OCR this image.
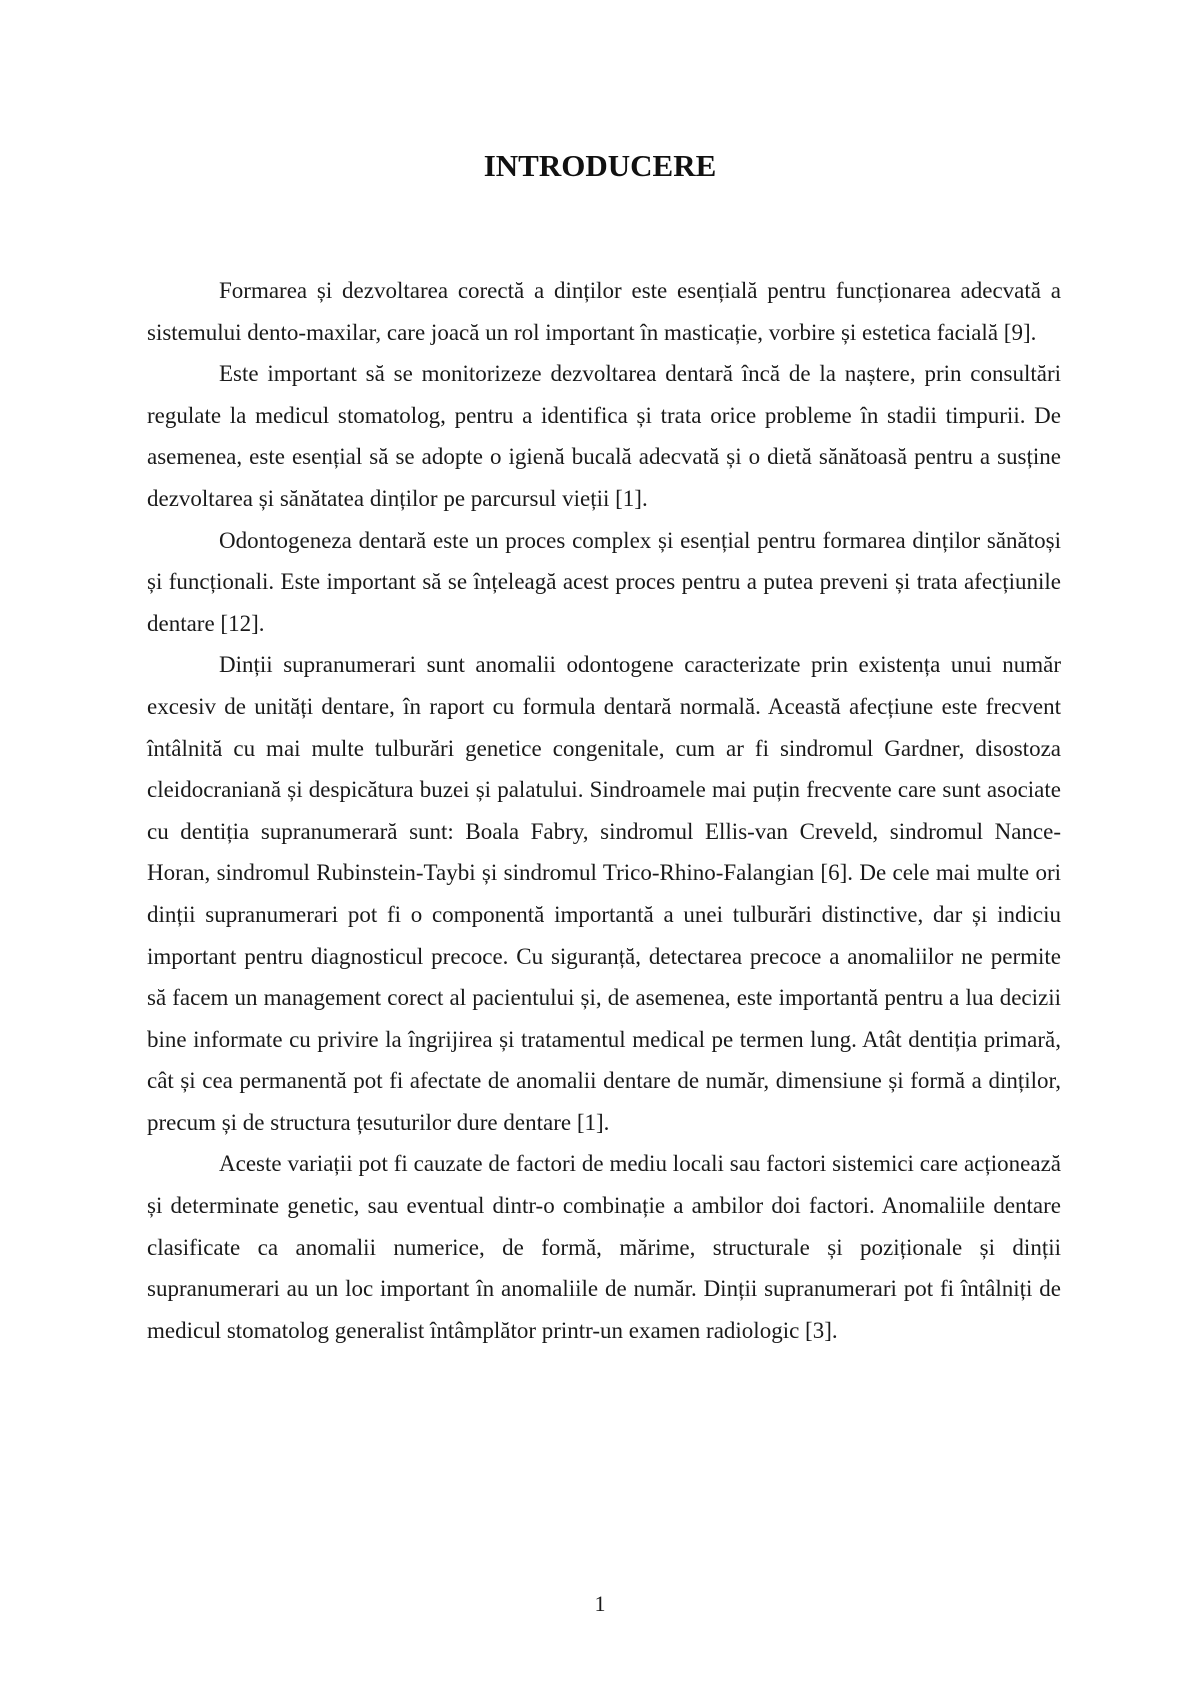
INTRODUCERE

Formarea și dezvoltarea corectă a dinților este esențială pentru funcționarea adecvată a sistemului dento-maxilar, care joacă un rol important în masticație, vorbire și estetica facială [9].

Este important să se monitorizeze dezvoltarea dentară încă de la naștere, prin consultări regulate la medicul stomatolog, pentru a identifica și trata orice probleme în stadii timpurii. De asemenea, este esențial să se adopte o igienă bucală adecvată și o dietă sănătoasă pentru a susține dezvoltarea și sănătatea dinților pe parcursul vieții [1].

Odontogeneza dentară este un proces complex și esențial pentru formarea dinților sănătoși și funcționali. Este important să se înțeleagă acest proces pentru a putea preveni și trata afecțiunile dentare [12].

Dinții supranumerari sunt anomalii odontogene caracterizate prin existența unui număr excesiv de unități dentare, în raport cu formula dentară normală. Această afecțiune este frecvent întâlnită cu mai multe tulburări genetice congenitale, cum ar fi sindromul Gardner, disostoza cleidocraniană și despicătura buzei și palatului. Sindroamele mai puțin frecvente care sunt asociate cu dentiția supranumerară sunt: Boala Fabry, sindromul Ellis-van Creveld, sindromul Nance-Horan, sindromul Rubinstein-Taybi și sindromul Trico-Rhino-Falangian [6]. De cele mai multe ori dinții supranumerari pot fi o componentă importantă a unei tulburări distinctive, dar și indiciu important pentru diagnosticul precoce. Cu siguranță, detectarea precoce a anomaliilor ne permite să facem un management corect al pacientului și, de asemenea, este importantă pentru a lua decizii bine informate cu privire la îngrijirea și tratamentul medical pe termen lung. Atât dentiția primară, cât și cea permanentă pot fi afectate de anomalii dentare de număr, dimensiune și formă a dinților, precum și de structura țesuturilor dure dentare [1].

Aceste variații pot fi cauzate de factori de mediu locali sau factori sistemici care acționează și determinate genetic, sau eventual dintr-o combinație a ambilor doi factori. Anomaliile dentare clasificate ca anomalii numerice, de formă, mărime, structurale și poziționale și dinții supranumerari au un loc important în anomaliile de număr. Dinții supranumerari pot fi întâlniți de medicul stomatolog generalist întâmplător printr-un examen radiologic [3].

1
